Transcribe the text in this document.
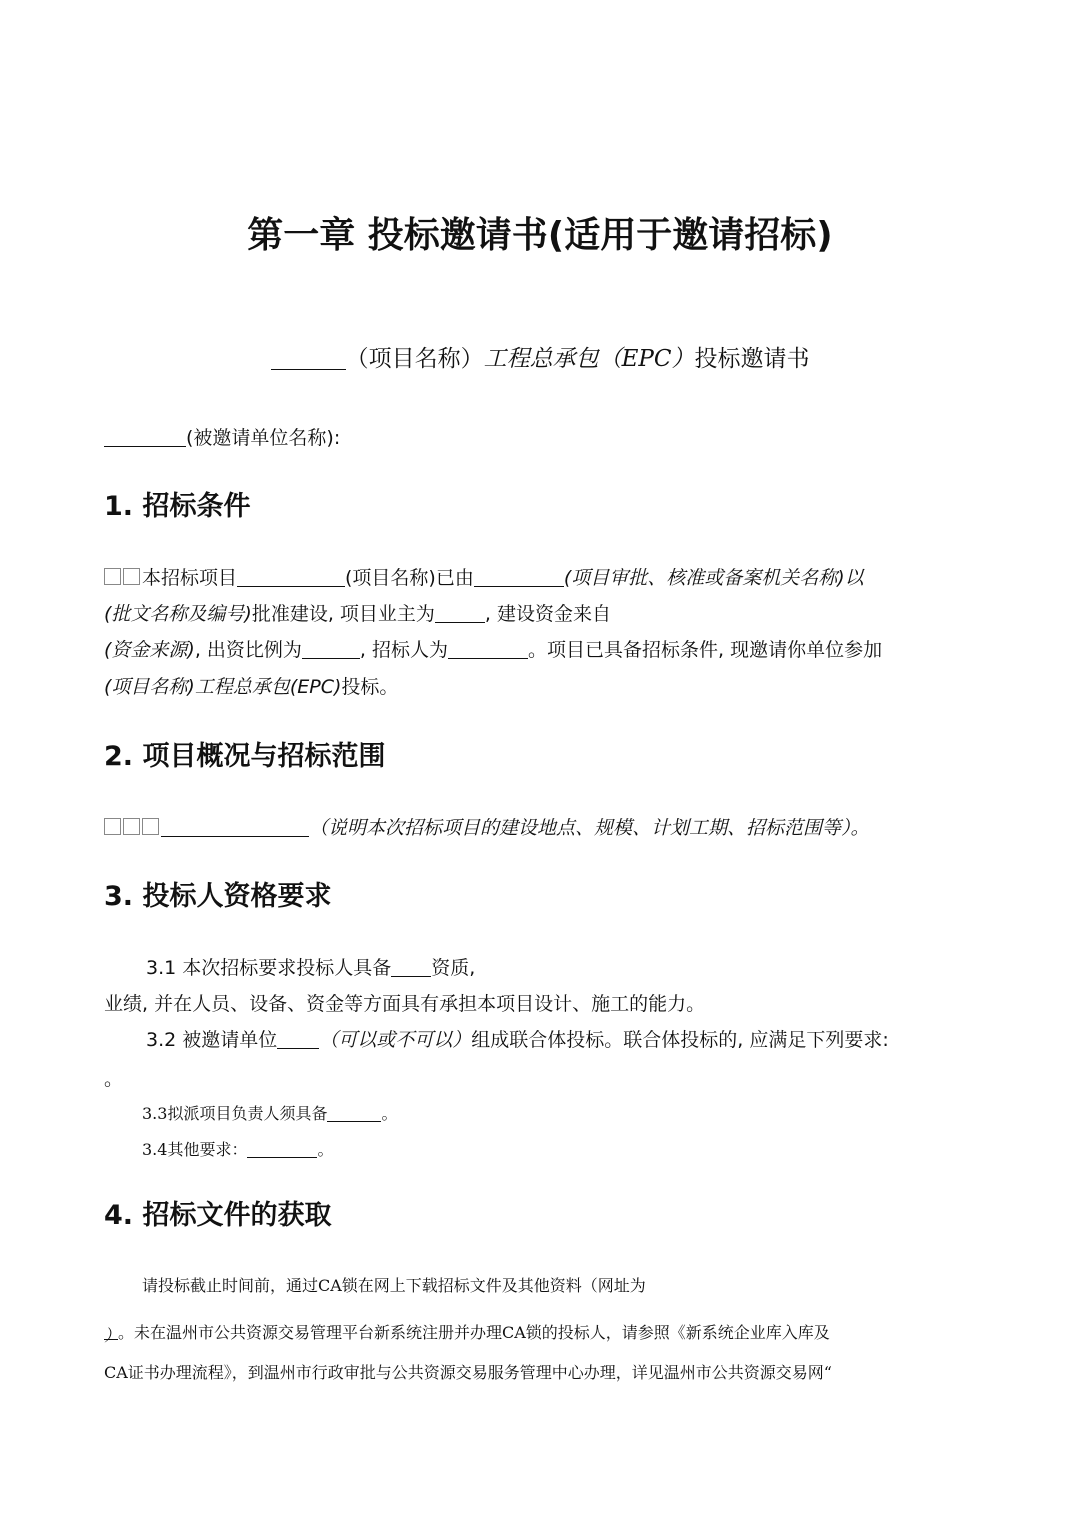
第一章 投标邀请书(适用于邀请招标)
（项目名称）工程总承包（EPC）投标邀请书
(被邀请单位名称):
1. 招标条件
本招标项目	(项目名称)已由	(项目审批、核准或备案机关名称)以
(批文名称及编号)批准建设, 项目业主为	, 建设资金来自
(资金来源), 出资比例为	, 招标人为	。项目已具备招标条件, 现邀请你单位参加
(项目名称)工程总承包(EPC)投标。
2. 项目概况与招标范围
（说明本次招标项目的建设地点、规模、计划工期、招标范围等）。
3. 投标人资格要求
3.1 本次招标要求投标人具备 资质,
业绩, 并在人员、设备、资金等方面具有承担本项目设计、施工的能力。
3.2 被邀请单位 （可以或不可以）组成联合体投标。联合体投标的, 应满足下列要求:
。
3.3拟派项目负责人须具备	。
3.4其他要求：	。
4. 招标文件的获取
请投标截止时间前，通过CA锁在网上下载招标文件及其他资料（网址为
）。未在温州市公共资源交易管理平台新系统注册并办理CA锁的投标人，请参照《新系统企业库入库及
CA证书办理流程》，到温州市行政审批与公共资源交易服务管理中心办理，详见温州市公共资源交易网“
